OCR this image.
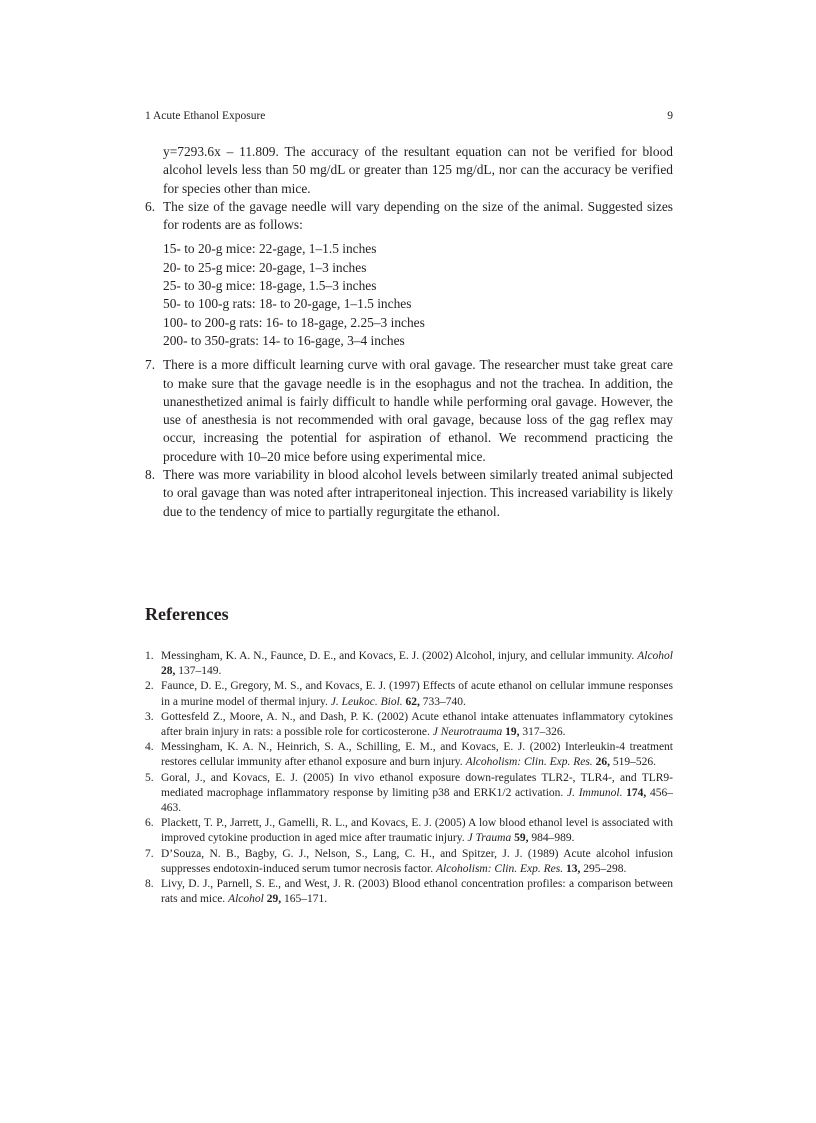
1 Acute Ethanol Exposure	9

y=7293.6x – 11.809. The accuracy of the resultant equation can not be verified for blood alcohol levels less than 50 mg/dL or greater than 125 mg/dL, nor can the accuracy be verified for species other than mice.

6. The size of the gavage needle will vary depending on the size of the animal. Suggested sizes for rodents are as follows:

15- to 20-g mice: 22-gage, 1–1.5 inches
20- to 25-g mice: 20-gage, 1–3 inches
25- to 30-g mice: 18-gage, 1.5–3 inches
50- to 100-g rats: 18- to 20-gage, 1–1.5 inches
100- to 200-g rats: 16- to 18-gage, 2.25–3 inches
200- to 350-grats: 14- to 16-gage, 3–4 inches
7. There is a more difficult learning curve with oral gavage. The researcher must take great care to make sure that the gavage needle is in the esophagus and not the trachea. In addition, the unanesthetized animal is fairly difficult to handle while performing oral gavage. However, the use of anesthesia is not recommended with oral gavage, because loss of the gag reflex may occur, increasing the potential for aspiration of ethanol. We recommend practicing the procedure with 10–20 mice before using experimental mice.

8. There was more variability in blood alcohol levels between similarly treated animal subjected to oral gavage than was noted after intraperitoneal injection. This increased variability is likely due to the tendency of mice to partially regurgitate the ethanol.

References
1. Messingham, K. A. N., Faunce, D. E., and Kovacs, E. J. (2002) Alcohol, injury, and cellular immunity. Alcohol 28, 137–149.
2. Faunce, D. E., Gregory, M. S., and Kovacs, E. J. (1997) Effects of acute ethanol on cellular immune responses in a murine model of thermal injury. J. Leukoc. Biol. 62, 733–740.
3. Gottesfeld Z., Moore, A. N., and Dash, P. K. (2002) Acute ethanol intake attenuates inflammatory cytokines after brain injury in rats: a possible role for corticosterone. J Neurotrauma 19, 317–326.
4. Messingham, K. A. N., Heinrich, S. A., Schilling, E. M., and Kovacs, E. J. (2002) Interleukin-4 treatment restores cellular immunity after ethanol exposure and burn injury. Alcoholism: Clin. Exp. Res. 26, 519–526.
5. Goral, J., and Kovacs, E. J. (2005) In vivo ethanol exposure down-regulates TLR2-, TLR4-, and TLR9-mediated macrophage inflammatory response by limiting p38 and ERK1/2 activation. J. Immunol. 174, 456–463.
6. Plackett, T. P., Jarrett, J., Gamelli, R. L., and Kovacs, E. J. (2005) A low blood ethanol level is associated with improved cytokine production in aged mice after traumatic injury. J Trauma 59, 984–989.
7. D’Souza, N. B., Bagby, G. J., Nelson, S., Lang, C. H., and Spitzer, J. J. (1989) Acute alcohol infusion suppresses endotoxin-induced serum tumor necrosis factor. Alcoholism: Clin. Exp. Res. 13, 295–298.
8. Livy, D. J., Parnell, S. E., and West, J. R. (2003) Blood ethanol concentration profiles: a comparison between rats and mice. Alcohol 29, 165–171.
